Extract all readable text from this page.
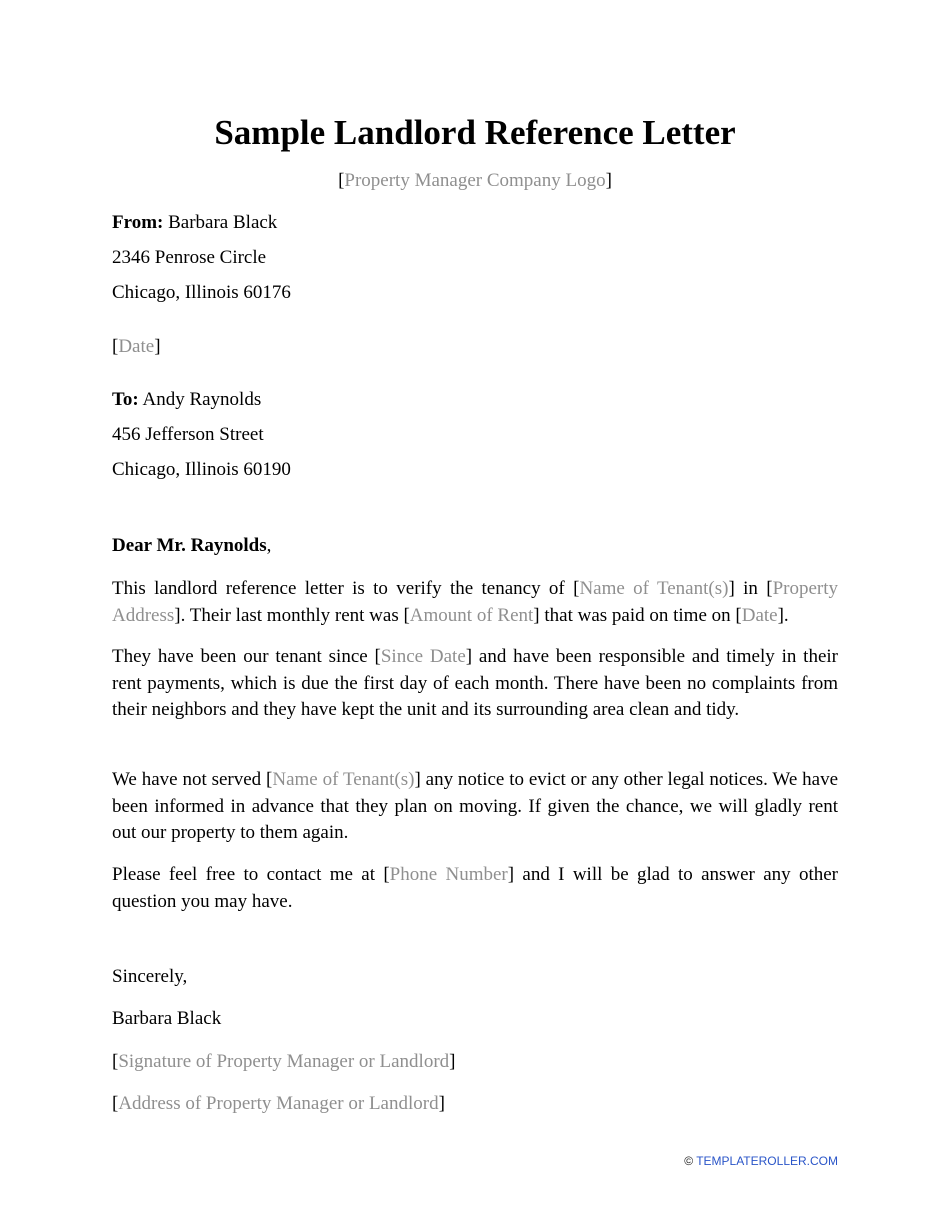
Sample Landlord Reference Letter
[Property Manager Company Logo]
From: Barbara Black
2346 Penrose Circle
Chicago, Illinois 60176
[Date]
To: Andy Raynolds
456 Jefferson Street
Chicago, Illinois 60190
Dear Mr. Raynolds,

This landlord reference letter is to verify the tenancy of [Name of Tenant(s)] in [Property Address]. Their last monthly rent was [Amount of Rent] that was paid on time on [Date].

They have been our tenant since [Since Date] and have been responsible and timely in their rent payments, which is due the first day of each month. There have been no complaints from their neighbors and they have kept the unit and its surrounding area clean and tidy.

We have not served [Name of Tenant(s)] any notice to evict or any other legal notices. We have been informed in advance that they plan on moving. If given the chance, we will gladly rent out our property to them again.

Please feel free to contact me at [Phone Number] and I will be glad to answer any other question you may have.

Sincerely,
Barbara Black
[Signature of Property Manager or Landlord]
[Address of Property Manager or Landlord]
© TEMPLATEROLLER.COM
